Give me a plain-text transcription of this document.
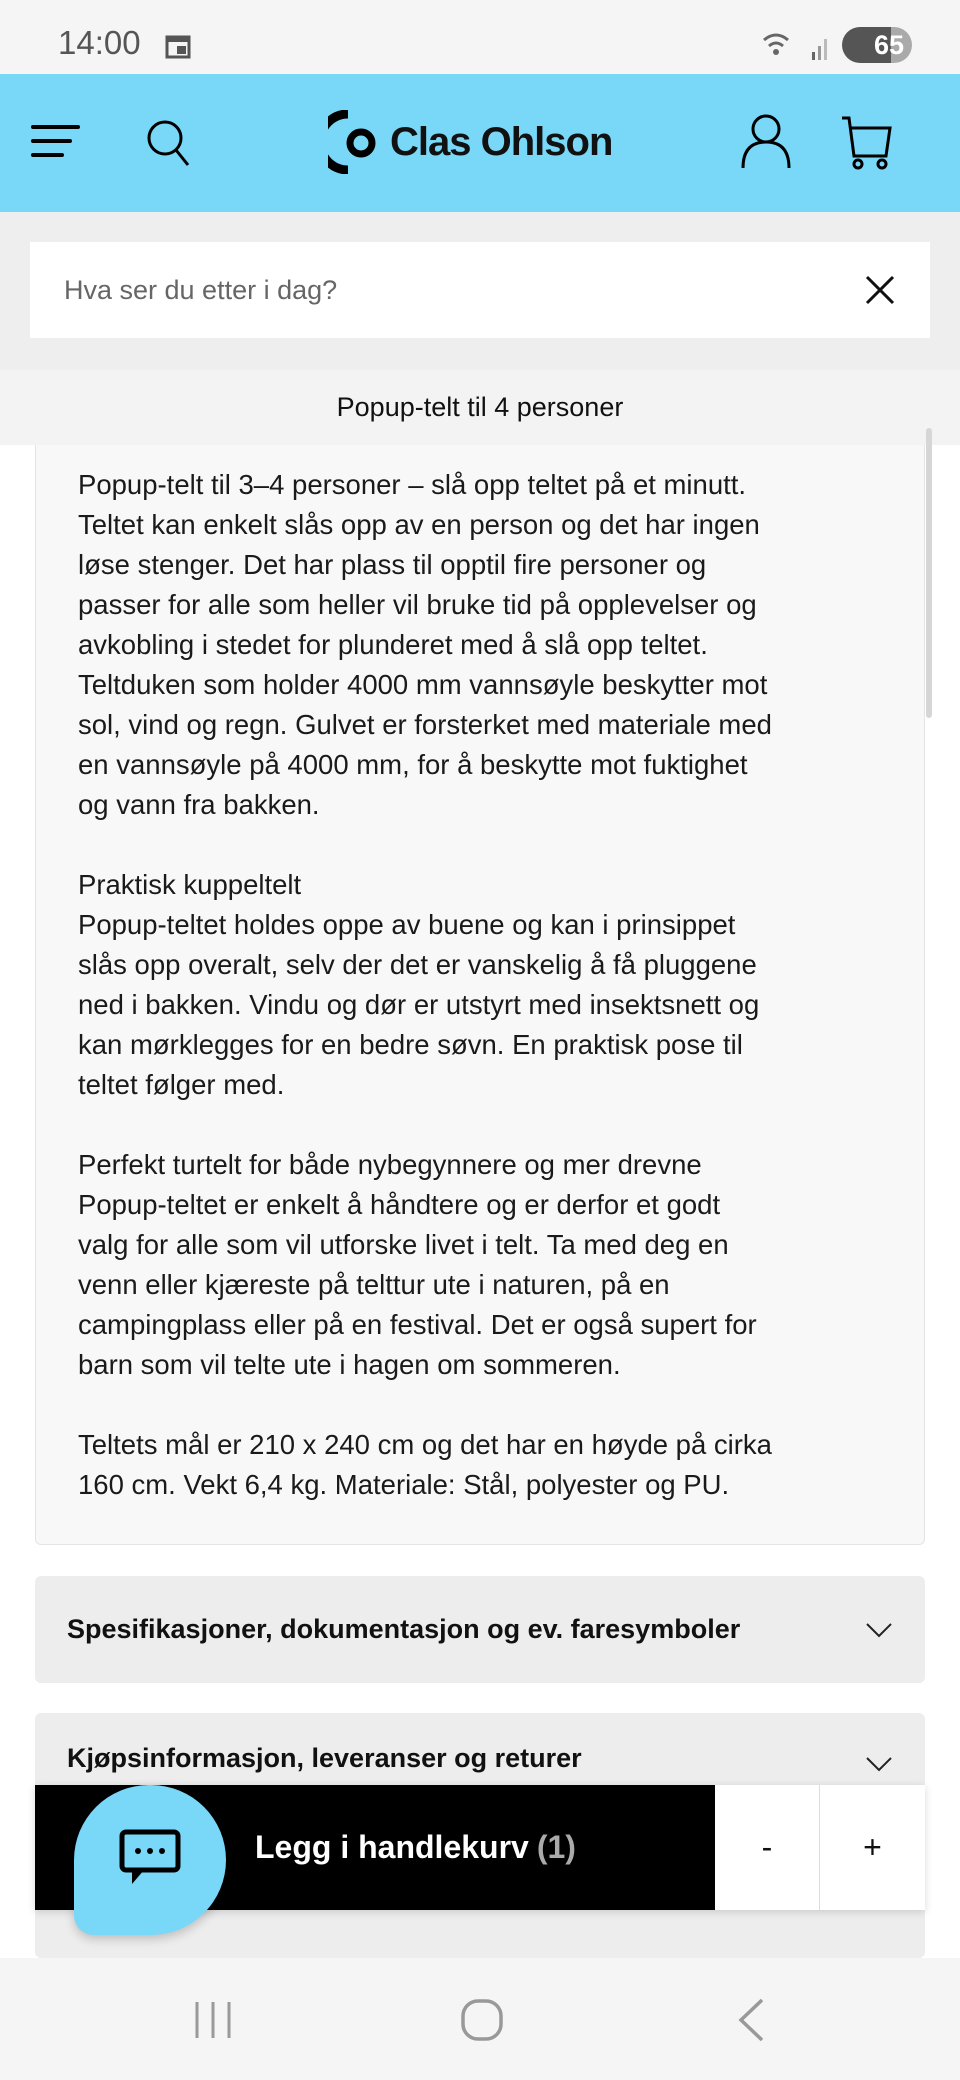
14:00	65
Clas Ohlson
Hva ser du etter i dag?
Popup-telt til 4 personer

Popup-telt til 3–4 personer – slå opp teltet på et minutt.
Teltet kan enkelt slås opp av en person og det har ingen
løse stenger. Det har plass til opptil fire personer og
passer for alle som heller vil bruke tid på opplevelser og
avkobling i stedet for plunderet med å slå opp teltet.
Teltduken som holder 4000 mm vannsøyle beskytter mot
sol, vind og regn. Gulvet er forsterket med materiale med
en vannsøyle på 4000 mm, for å beskytte mot fuktighet
og vann fra bakken.

Praktisk kuppeltelt
Popup-teltet holdes oppe av buene og kan i prinsippet
slås opp overalt, selv der det er vanskelig å få pluggene
ned i bakken. Vindu og dør er utstyrt med insektsnett og
kan mørklegges for en bedre søvn. En praktisk pose til
teltet følger med.

Perfekt turtelt for både nybegynnere og mer drevne
Popup-teltet er enkelt å håndtere og er derfor et godt
valg for alle som vil utforske livet i telt. Ta med deg en
venn eller kjæreste på telttur ute i naturen, på en
campingplass eller på en festival. Det er også supert for
barn som vil telte ute i hagen om sommeren.

Teltets mål er 210 x 240 cm og det har en høyde på cirka
160 cm. Vekt 6,4 kg. Materiale: Stål, polyester og PU.

Spesifikasjoner, dokumentasjon og ev. faresymboler
Kjøpsinformasjon, leveranser og returer
Legg i handlekurv (1)	-	+
